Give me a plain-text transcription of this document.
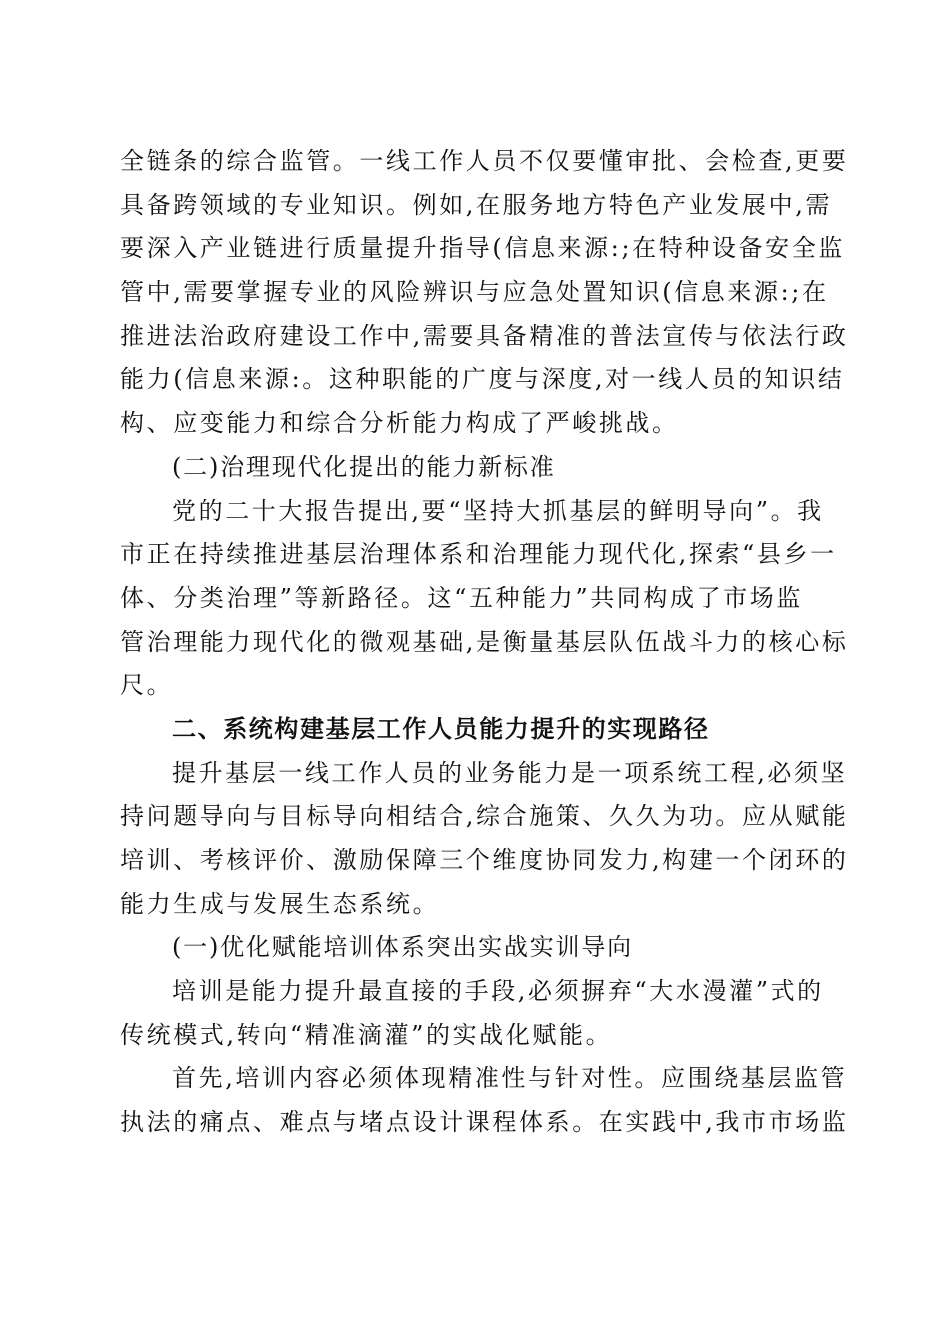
全链条的综合监管。一线工作人员不仅要懂审批、会检查,更要
具备跨领域的专业知识。例如,在服务地方特色产业发展中,需
要深入产业链进行质量提升指导(信息来源:;在特种设备安全监
管中,需要掌握专业的风险辨识与应急处置知识(信息来源:;在
推进法治政府建设工作中,需要具备精准的普法宣传与依法行政
能力(信息来源:。这种职能的广度与深度,对一线人员的知识结
构、应变能力和综合分析能力构成了严峻挑战。
(二)治理现代化提出的能力新标准
党的二十大报告提出,要“坚持大抓基层的鲜明导向”。我
市正在持续推进基层治理体系和治理能力现代化,探索“县乡一
体、分类治理”等新路径。这“五种能力”共同构成了市场监
管治理能力现代化的微观基础,是衡量基层队伍战斗力的核心标
尺。
二、系统构建基层工作人员能力提升的实现路径
提升基层一线工作人员的业务能力是一项系统工程,必须坚
持问题导向与目标导向相结合,综合施策、久久为功。应从赋能
培训、考核评价、激励保障三个维度协同发力,构建一个闭环的
能力生成与发展生态系统。
(一)优化赋能培训体系突出实战实训导向
培训是能力提升最直接的手段,必须摒弃“大水漫灌”式的
传统模式,转向“精准滴灌”的实战化赋能。
首先,培训内容必须体现精准性与针对性。应围绕基层监管
执法的痛点、难点与堵点设计课程体系。在实践中,我市市场监
